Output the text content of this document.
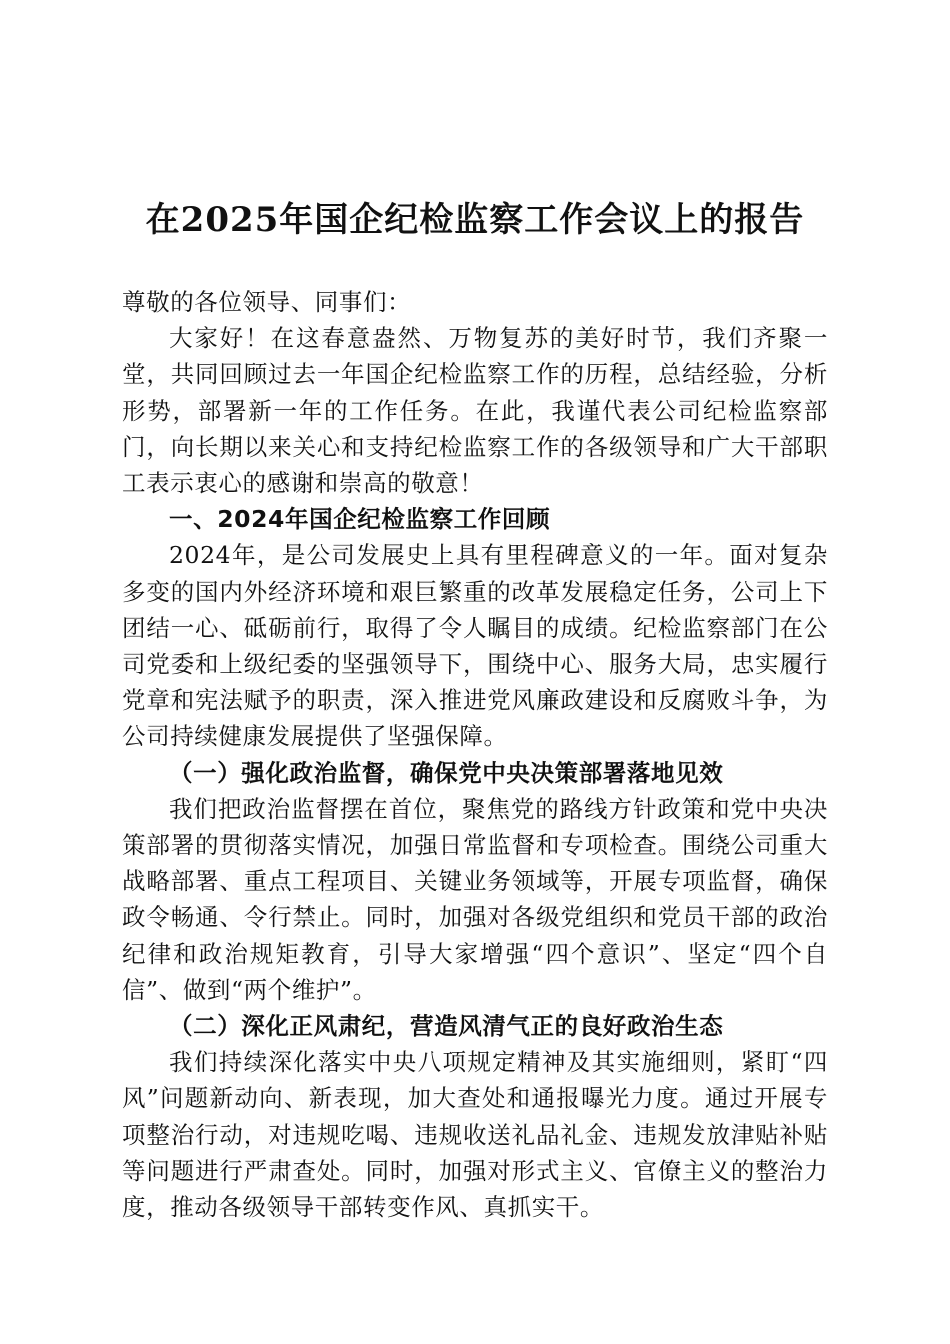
在2025年国企纪检监察工作会议上的报告

尊敬的各位领导、同事们：

大家好！在这春意盎然、万物复苏的美好时节，我们齐聚一堂，共同回顾过去一年国企纪检监察工作的历程，总结经验，分析形势，部署新一年的工作任务。在此，我谨代表公司纪检监察部门，向长期以来关心和支持纪检监察工作的各级领导和广大干部职工表示衷心的感谢和崇高的敬意！

一、2024年国企纪检监察工作回顾

2024年，是公司发展史上具有里程碑意义的一年。面对复杂多变的国内外经济环境和艰巨繁重的改革发展稳定任务，公司上下团结一心、砥砺前行，取得了令人瞩目的成绩。纪检监察部门在公司党委和上级纪委的坚强领导下，围绕中心、服务大局，忠实履行党章和宪法赋予的职责，深入推进党风廉政建设和反腐败斗争，为公司持续健康发展提供了坚强保障。

（一）强化政治监督，确保党中央决策部署落地见效

我们把政治监督摆在首位，聚焦党的路线方针政策和党中央决策部署的贯彻落实情况，加强日常监督和专项检查。围绕公司重大战略部署、重点工程项目、关键业务领域等，开展专项监督，确保政令畅通、令行禁止。同时，加强对各级党组织和党员干部的政治纪律和政治规矩教育，引导大家增强“四个意识”、坚定“四个自信”、做到“两个维护”。

（二）深化正风肃纪，营造风清气正的良好政治生态

我们持续深化落实中央八项规定精神及其实施细则，紧盯“四风”问题新动向、新表现，加大查处和通报曝光力度。通过开展专项整治行动，对违规吃喝、违规收送礼品礼金、违规发放津贴补贴等问题进行严肃查处。同时，加强对形式主义、官僚主义的整治力度，推动各级领导干部转变作风、真抓实干。
